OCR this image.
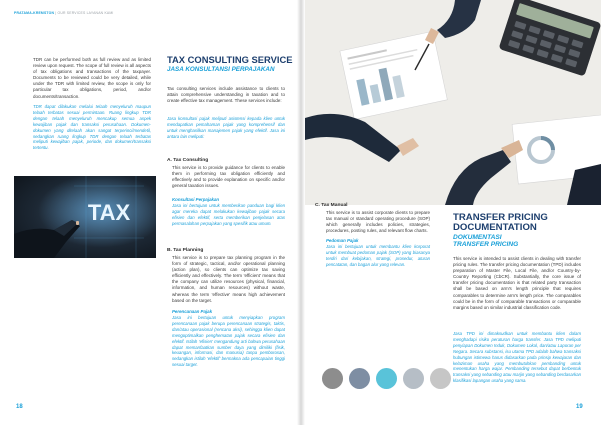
PRATAMA-KREMSTON | OUR SERVICES LAYANAN KAMI
TDR can be performed both as full review and as limited review upon request. The scope of full review is all aspects of tax obligations and transactions of the taxpayer. Documents to be reviewed could be very detailed, while under the TDR with limited review, the scope is only for particular tax obligations, period, and/or documents/transaction.
TDR dapat dilakukan melalui telaah menyeluruh maupun telaah terbatas sesuai permintaan. Ruang lingkup TDR dengan telaah menyeluruh mencakup semua aspek kewajiban pajak dan transaksi perusahaan. Dokumen-dokumen yang ditelaah akan sangat terperinci/mendetil, sedangkan ruang lingkup TDR dengan telaah terbatas meliputi kewajiban pajak, periode, dan dokumen/transaksi tertentu.
TAX
18
TAX CONSULTING SERVICE
JASA KONSULTANSI PERPAJAKAN
Tax consulting services include assistance to clients to attain comprehensive understanding in taxation and to create effective tax management. These services include:
Jasa konsultasi pajak meliputi asistensi kepada klien untuk mendapatkan pemahaman pajak yang komprehensif dan untuk menghasilkan manajemen pajak yang efektif. Jasa ini antara lain meliputi:
A. Tax Consulting
This service is to provide guidance for clients to enable them in performing tax obligation efficiently and effectively and to provide explanation on specific and/or general taxation issues.
Konsultasi Perpajakan
Jasa ini bertujuan untuk memberikan panduan bagi klien agar mereka dapat melakukan kewajiban pajak secara efisien dan efektif, serta memberikan penjelasan atas permasalahan perpajakan yang spesifik atau umum.
B. Tax Planning
This service is to prepare tax planning program in the form of strategic, tactical, and/or operational planning (action plan), so clients can optimize tax saving efficiently and effectively. The term 'efficient' means that the company can utilize resources (physical, financial, information, and human resources) without waste, whereas the term 'effective' means high achievement based on the target.
Perencanaan Pajak
Jasa ini bertujuan untuk menyiapkan program perencanaan pajak berupa perencanaan strategis, taktis, dan/atau operasional (rencana aksi), sehingga klien dapat mengoptimalkan penghematan pajak secara efisien dan efektif. Istilah 'efisien' mengandung arti bahwa perusahaan dapat memanfaatkan sumber daya yang dimiliki (fisik, keuangan, informasi, dan manusia) tanpa pemborosan, sedangkan istilah 'efektif' bermakna ada pencapaian tinggi sesuai target.
C. Tax Manual
This service is to assist corporate clients to prepare tax manual or standard operating procedure (SOP) which generally includes policies, strategies, procedures, posting rules, and relevant flow charts.
Pedoman Pajak
Jasa ini bertujuan untuk membantu klien korporat untuk membuat pedoman pajak (SOP) yang biasanya terdiri dari kebijakan, strategi, prosedur, aturan pencatatan, dan bagan alur yang relevan.
TRANSFER PRICING
DOCUMENTATION
DOKUMENTASI
TRANSFER PRICING
This service is intended to assist clients in dealing with transfer pricing rules. The transfer pricing documentation (TPD) includes preparation of Master File, Local File, and/or Country-by-Country Reporting (CbCR). Substantially, the core issue of transfer pricing documentation is that related party transaction shall be based on arm's length principle that requires comparables to determine arm's length price. The comparables could be in the form of comparable transactions or comparable margins based on similar industrial classification code.
Jasa TPD ini dimaksudkan untuk membantu klien dalam menghadapi risiko peraturan harga transfer. Jasa TPD meliputi penyiapan Dokumen Induk, Dokumen Lokal, dan/atau Laporan per Negara. Secara substansi, isu utama TPD adalah bahwa transaksi hubungan istimewa harus didasarkan pada prinsip kewajaran dan kelaziman usaha yang membutuhkan pembanding untuk menentukan harga wajar. Pembanding tersebut dapat berbentuk transaksi yang sebanding atau marjin yang sebanding berdasarkan klasifikasi lapangan usaha yang sama.
19
